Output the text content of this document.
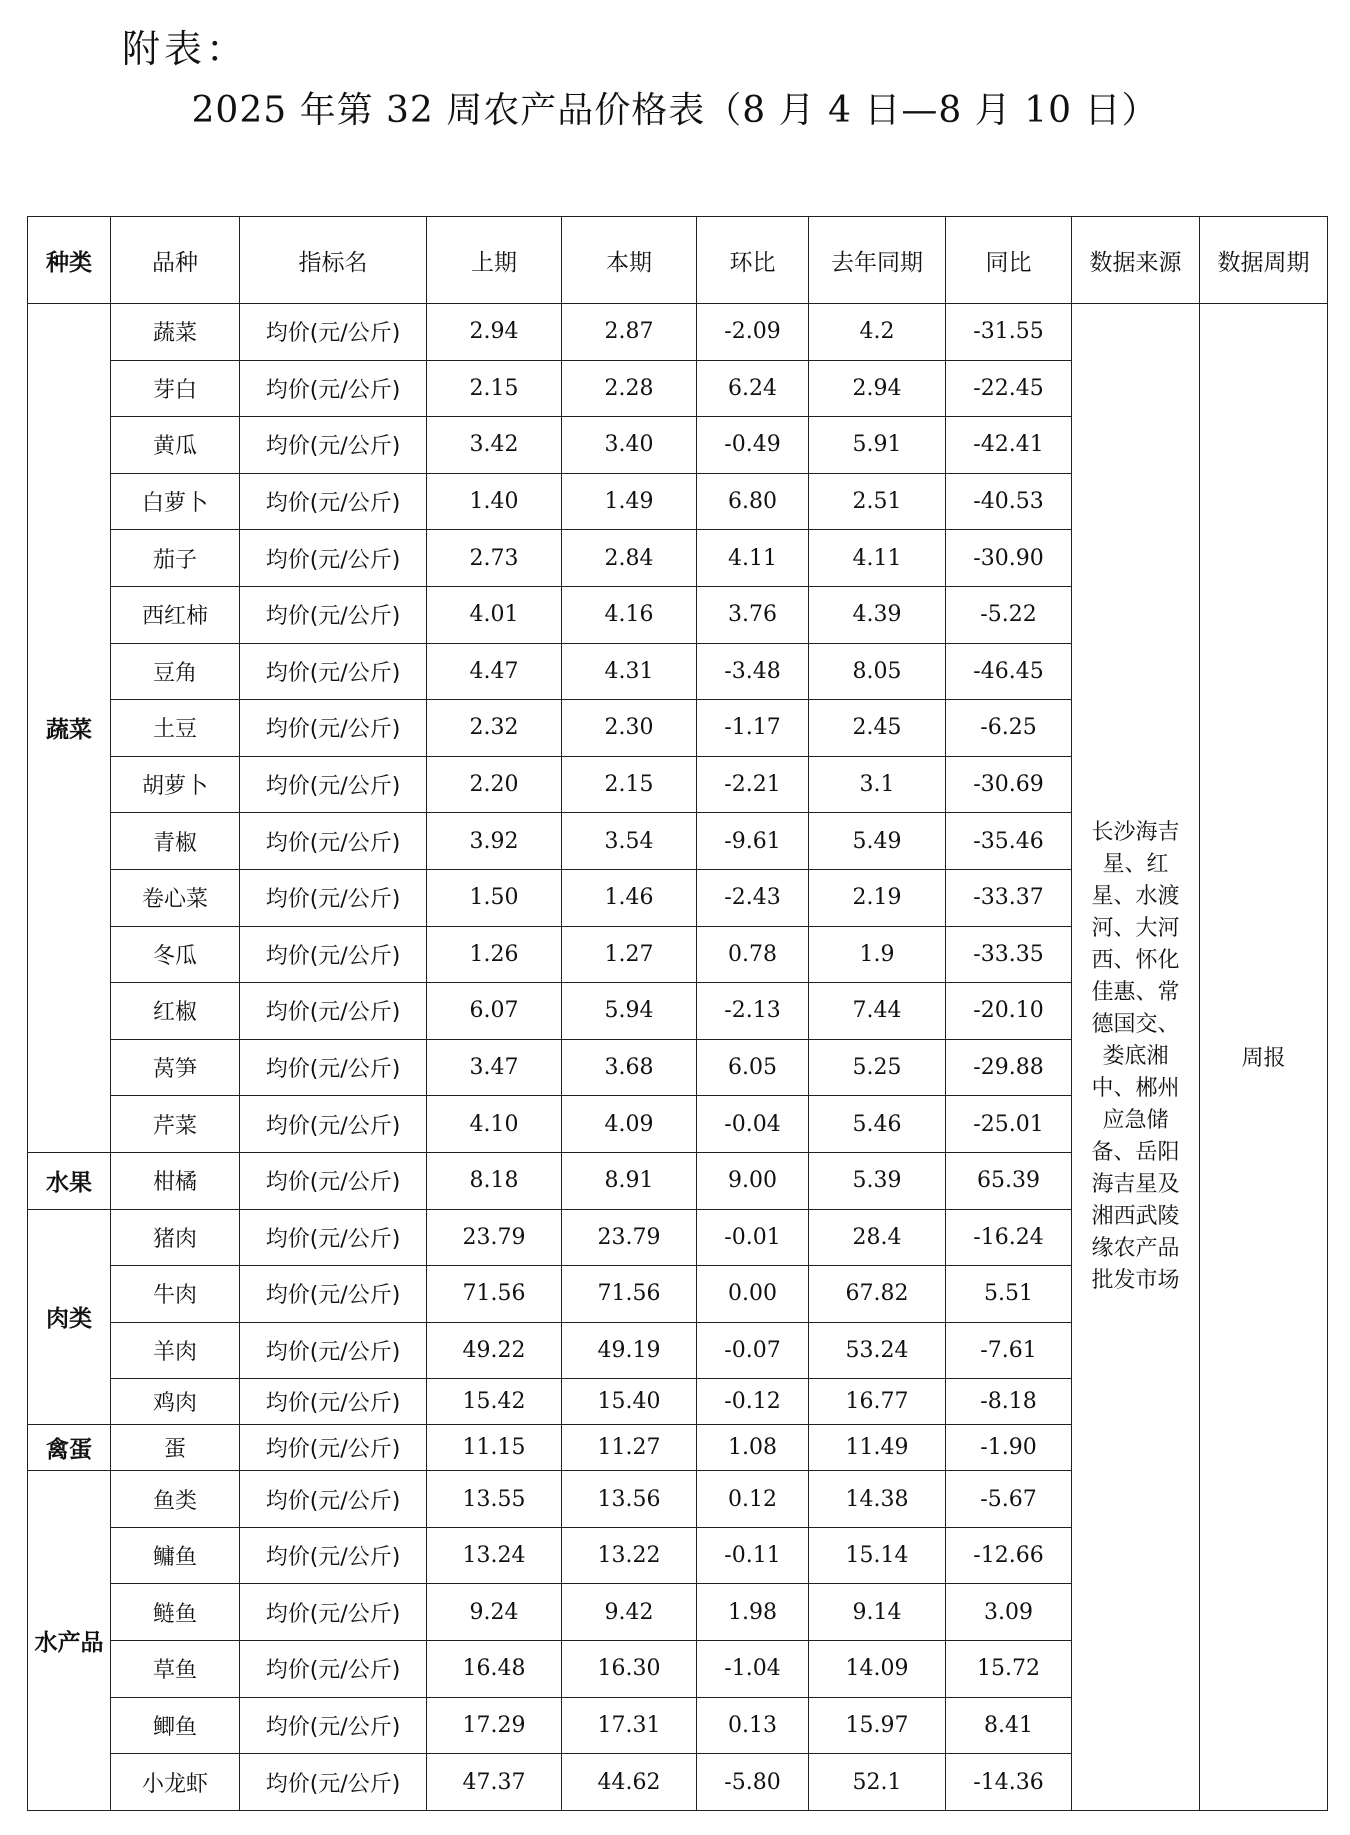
附表：
2025 年第 32 周农产品价格表（8 月 4 日—8 月 10 日）
种类	品种	指标名	上期	本期	环比	去年同期	同比	数据来源	数据周期
蔬菜	蔬菜	均价(元/公斤)	2.94	2.87	-2.09	4.2	-31.55	长沙海吉星、红星、水渡河、大河西、怀化佳惠、常德国交、娄底湘中、郴州应急储备、岳阳海吉星及湘西武陵缘农产品批发市场	周报
	芽白	均价(元/公斤)	2.15	2.28	6.24	2.94	-22.45		
	黄瓜	均价(元/公斤)	3.42	3.40	-0.49	5.91	-42.41		
	白萝卜	均价(元/公斤)	1.40	1.49	6.80	2.51	-40.53		
	茄子	均价(元/公斤)	2.73	2.84	4.11	4.11	-30.90		
	西红柿	均价(元/公斤)	4.01	4.16	3.76	4.39	-5.22		
	豆角	均价(元/公斤)	4.47	4.31	-3.48	8.05	-46.45		
	土豆	均价(元/公斤)	2.32	2.30	-1.17	2.45	-6.25		
	胡萝卜	均价(元/公斤)	2.20	2.15	-2.21	3.1	-30.69		
	青椒	均价(元/公斤)	3.92	3.54	-9.61	5.49	-35.46		
	卷心菜	均价(元/公斤)	1.50	1.46	-2.43	2.19	-33.37		
	冬瓜	均价(元/公斤)	1.26	1.27	0.78	1.9	-33.35		
	红椒	均价(元/公斤)	6.07	5.94	-2.13	7.44	-20.10		
	莴笋	均价(元/公斤)	3.47	3.68	6.05	5.25	-29.88		
	芹菜	均价(元/公斤)	4.10	4.09	-0.04	5.46	-25.01		
水果	柑橘	均价(元/公斤)	8.18	8.91	9.00	5.39	65.39		
肉类	猪肉	均价(元/公斤)	23.79	23.79	-0.01	28.4	-16.24		
	牛肉	均价(元/公斤)	71.56	71.56	0.00	67.82	5.51		
	羊肉	均价(元/公斤)	49.22	49.19	-0.07	53.24	-7.61		
	鸡肉	均价(元/公斤)	15.42	15.40	-0.12	16.77	-8.18		
禽蛋	蛋	均价(元/公斤)	11.15	11.27	1.08	11.49	-1.90		
水产品	鱼类	均价(元/公斤)	13.55	13.56	0.12	14.38	-5.67		
	鳙鱼	均价(元/公斤)	13.24	13.22	-0.11	15.14	-12.66		
	鲢鱼	均价(元/公斤)	9.24	9.42	1.98	9.14	3.09		
	草鱼	均价(元/公斤)	16.48	16.30	-1.04	14.09	15.72		
	鲫鱼	均价(元/公斤)	17.29	17.31	0.13	15.97	8.41		
	小龙虾	均价(元/公斤)	47.37	44.62	-5.80	52.1	-14.36		
